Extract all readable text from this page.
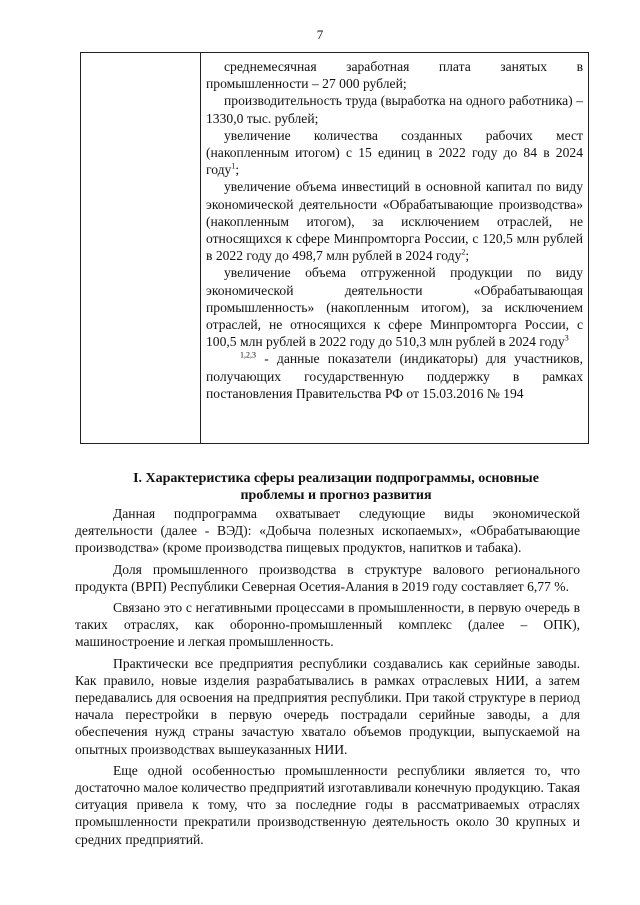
7

среднемесячная заработная плата занятых в промышленности – 27 000 рублей;

производительность труда (выработка на одного работника) – 1330,0 тыс. рублей;

увеличение количества созданных рабочих мест (накопленным итогом) с 15 единиц в 2022 году до 84 в 2024 году$^1$;

увеличение объема инвестиций в основной капитал по виду экономической деятельности «Обрабатывающие производства» (накопленным итогом), за исключением отраслей, не относящихся к сфере Минпромторга России, с 120,5 млн рублей в 2022 году до 498,7 млн рублей в 2024 году$^2$;

увеличение объема отгруженной продукции по виду экономической деятельности «Обрабатывающая промышленность» (накопленным итогом), за исключением отраслей, не относящихся к сфере Минпромторга России, с 100,5 млн рублей в 2022 году до 510,3 млн рублей в 2024 году$^3$

$^{1,2,3}$ - данные показатели (индикаторы) для участников, получающих государственную поддержку в рамках постановления Правительства РФ от 15.03.2016 № 194

I. Характеристика сферы реализации подпрограммы, основные
проблемы и прогноз развития

Данная подпрограмма охватывает следующие виды экономической деятельности (далее - ВЭД): «Добыча полезных ископаемых», «Обрабатывающие производства» (кроме производства пищевых продуктов, напитков и табака).

Доля промышленного производства в структуре валового регионального продукта (ВРП) Республики Северная Осетия-Алания в 2019 году составляет 6,77 %.

Связано это с негативными процессами в промышленности, в первую очередь в таких отраслях, как оборонно-промышленный комплекс (далее – ОПК), машиностроение и легкая промышленность.

Практически все предприятия республики создавались как серийные заводы. Как правило, новые изделия разрабатывались в рамках отраслевых НИИ, а затем передавались для освоения на предприятия республики. При такой структуре в период начала перестройки в первую очередь пострадали серийные заводы, а для обеспечения нужд страны зачастую хватало объемов продукции, выпускаемой на опытных производствах вышеуказанных НИИ.

Еще одной особенностью промышленности республики является то, что достаточно малое количество предприятий изготавливали конечную продукцию. Такая ситуация привела к тому, что за последние годы в рассматриваемых отраслях промышленности прекратили производственную деятельность около 30 крупных и средних предприятий.
